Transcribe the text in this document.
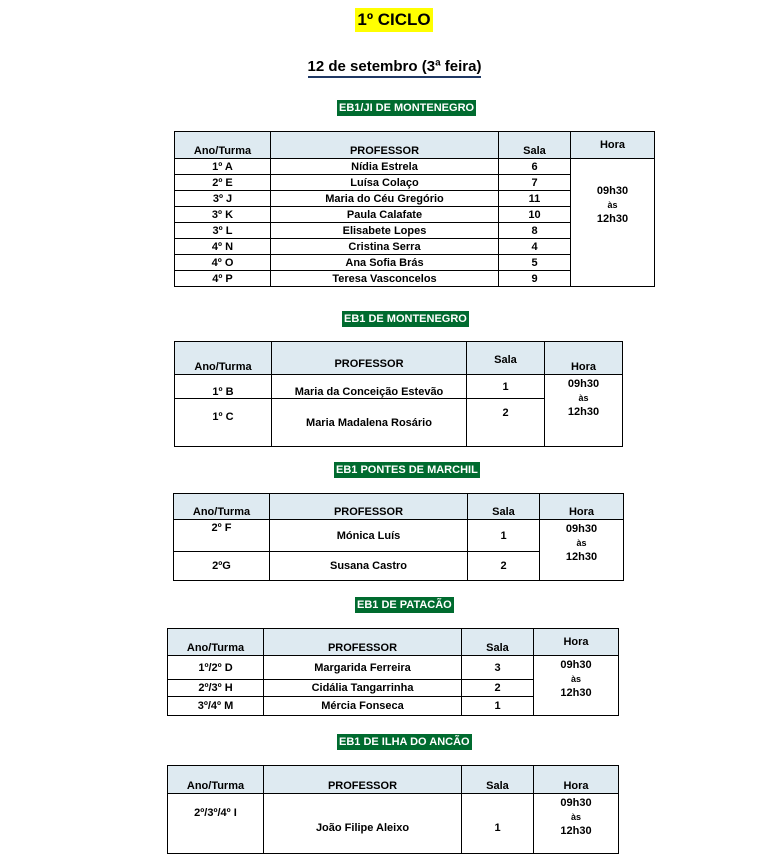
1º CICLO
12 de setembro (3ª feira)
EB1/JI DE MONTENEGRO
Ano/Turma	PROFESSOR	Sala	Hora
1º A	Nídia Estrela	6	09h30
às
12h30

2º E	Luísa Colaço	7	
3º J	Maria do Céu Gregório	11	
3º K	Paula Calafate	10	
3º L	Elisabete Lopes	8	
4º N	Cristina Serra	4	
4º O	Ana Sofia Brás	5	
4º P	Teresa Vasconcelos	9	
EB1 DE MONTENEGRO
Ano/Turma	PROFESSOR	Sala	Hora
1º B	Maria da Conceição Estevão	1	09h30
às
12h30

1º C	Maria Madalena Rosário	2	
EB1 PONTES DE MARCHIL
Ano/Turma	PROFESSOR	Sala	Hora
2º F	Mónica Luís	1	09h30
às
12h30

2ºG	Susana Castro	2	
EB1 DE PATACÃO
Ano/Turma	PROFESSOR	Sala	Hora
1º/2º D	Margarida Ferreira	3	09h30
às
12h30

2º/3º H	Cidália Tangarrinha	2	
3º/4º M	Mércia Fonseca	1	
EB1 DE ILHA DO ANCÃO
Ano/Turma	PROFESSOR	Sala	Hora
2º/3º/4º I	João Filipe Aleixo	1	09h30
às
12h30
